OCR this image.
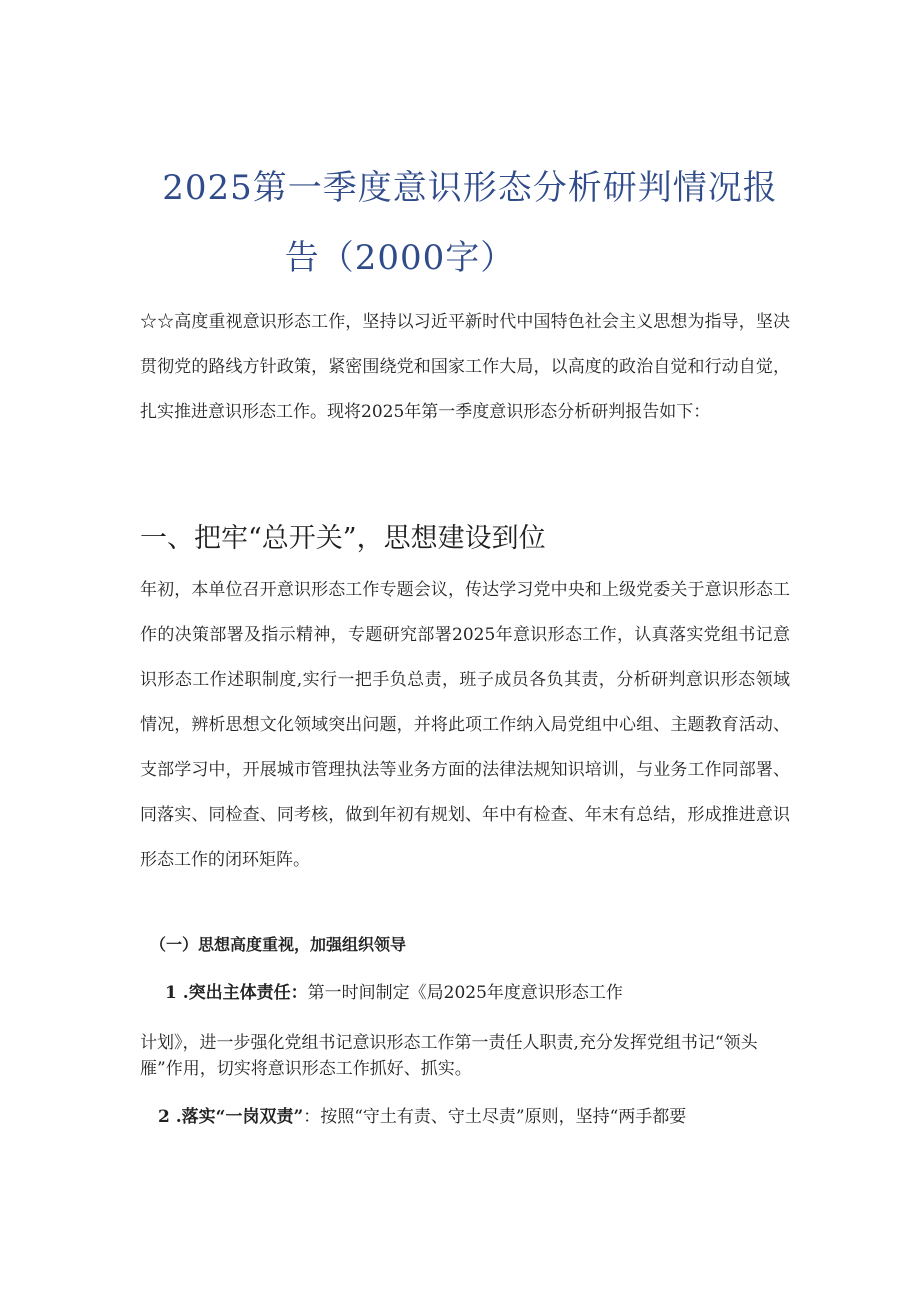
2025第一季度意识形态分析研判情况报
告（2000字）

☆☆高度重视意识形态工作，坚持以习近平新时代中国特色社会主义思想为指导，坚决贯彻党的路线方针政策，紧密围绕党和国家工作大局，以高度的政治自觉和行动自觉，扎实推进意识形态工作。现将2025年第一季度意识形态分析研判报告如下：

一、把牢“总开关”，思想建设到位

年初，本单位召开意识形态工作专题会议，传达学习党中央和上级党委关于意识形态工作的决策部署及指示精神，专题研究部署2025年意识形态工作，认真落实党组书记意识形态工作述职制度,实行一把手负总责，班子成员各负其责，分析研判意识形态领域情况，辨析思想文化领域突出问题，并将此项工作纳入局党组中心组、主题教育活动、支部学习中，开展城市管理执法等业务方面的法律法规知识培训，与业务工作同部署、同落实、同检查、同考核，做到年初有规划、年中有检查、年末有总结，形成推进意识形态工作的闭环矩阵。

（一）思想高度重视，加强组织领导

1 .突出主体责任：第一时间制定《局2025年度意识形态工作

计划》，进一步强化党组书记意识形态工作第一责任人职责,充分发挥党组书记“领头雁”作用，切实将意识形态工作抓好、抓实。

2 .落实“一岗双责”：按照“守土有责、守土尽责”原则，坚持“两手都要
